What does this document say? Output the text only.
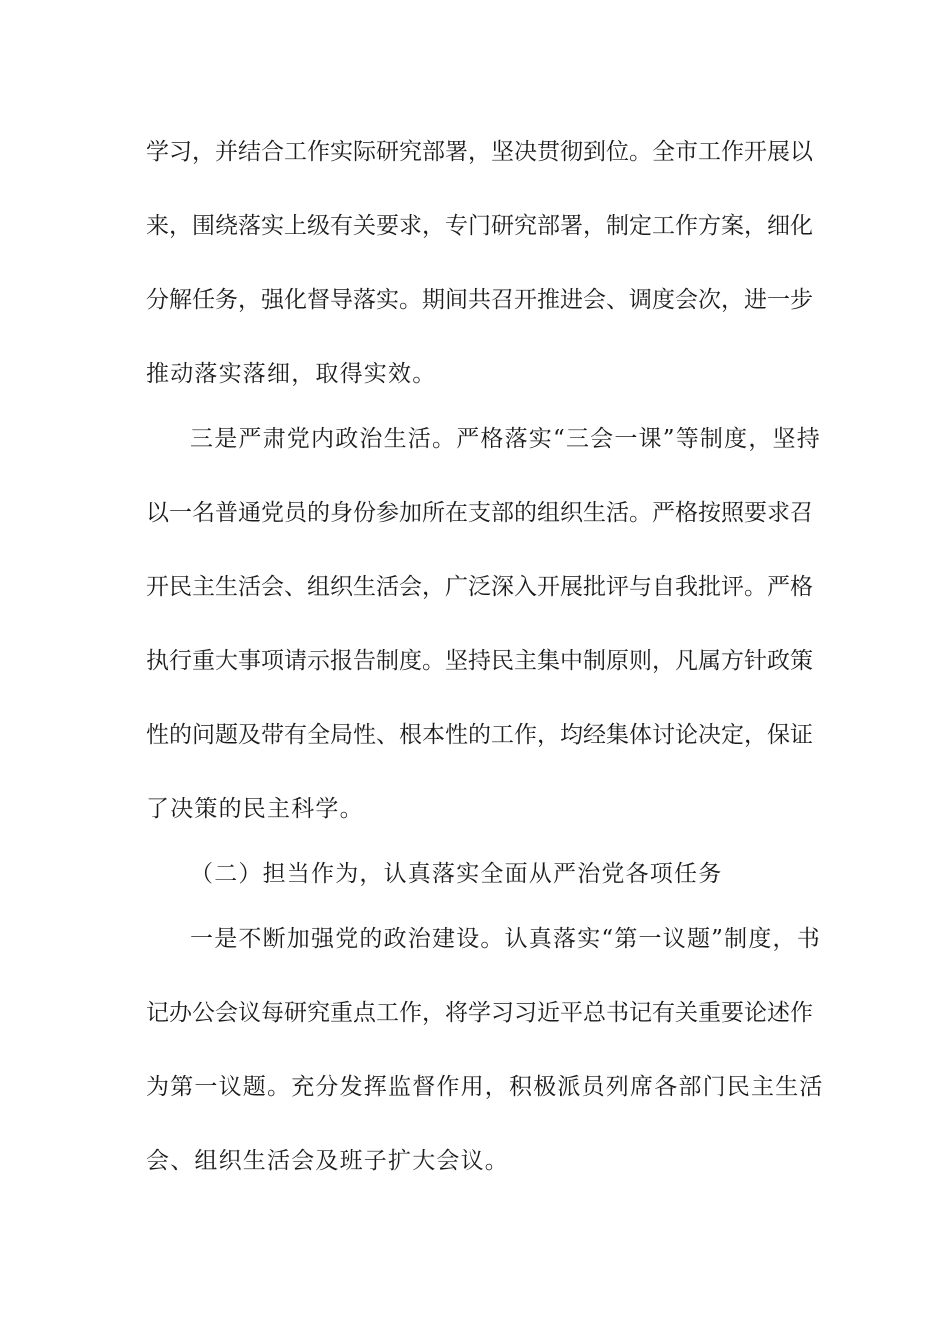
学习，并结合工作实际研究部署，坚决贯彻到位。全市工作开展以
来，围绕落实上级有关要求，专门研究部署，制定工作方案，细化
分解任务，强化督导落实。期间共召开推进会、调度会次，进一步
推动落实落细，取得实效。
三是严肃党内政治生活。严格落实“三会一课”等制度，坚持
以一名普通党员的身份参加所在支部的组织生活。严格按照要求召
开民主生活会、组织生活会，广泛深入开展批评与自我批评。严格
执行重大事项请示报告制度。坚持民主集中制原则，凡属方针政策
性的问题及带有全局性、根本性的工作，均经集体讨论决定，保证
了决策的民主科学。
（二）担当作为，认真落实全面从严治党各项任务
一是不断加强党的政治建设。认真落实“第一议题”制度，书
记办公会议每研究重点工作，将学习习近平总书记有关重要论述作
为第一议题。充分发挥监督作用，积极派员列席各部门民主生活
会、组织生活会及班子扩大会议。
